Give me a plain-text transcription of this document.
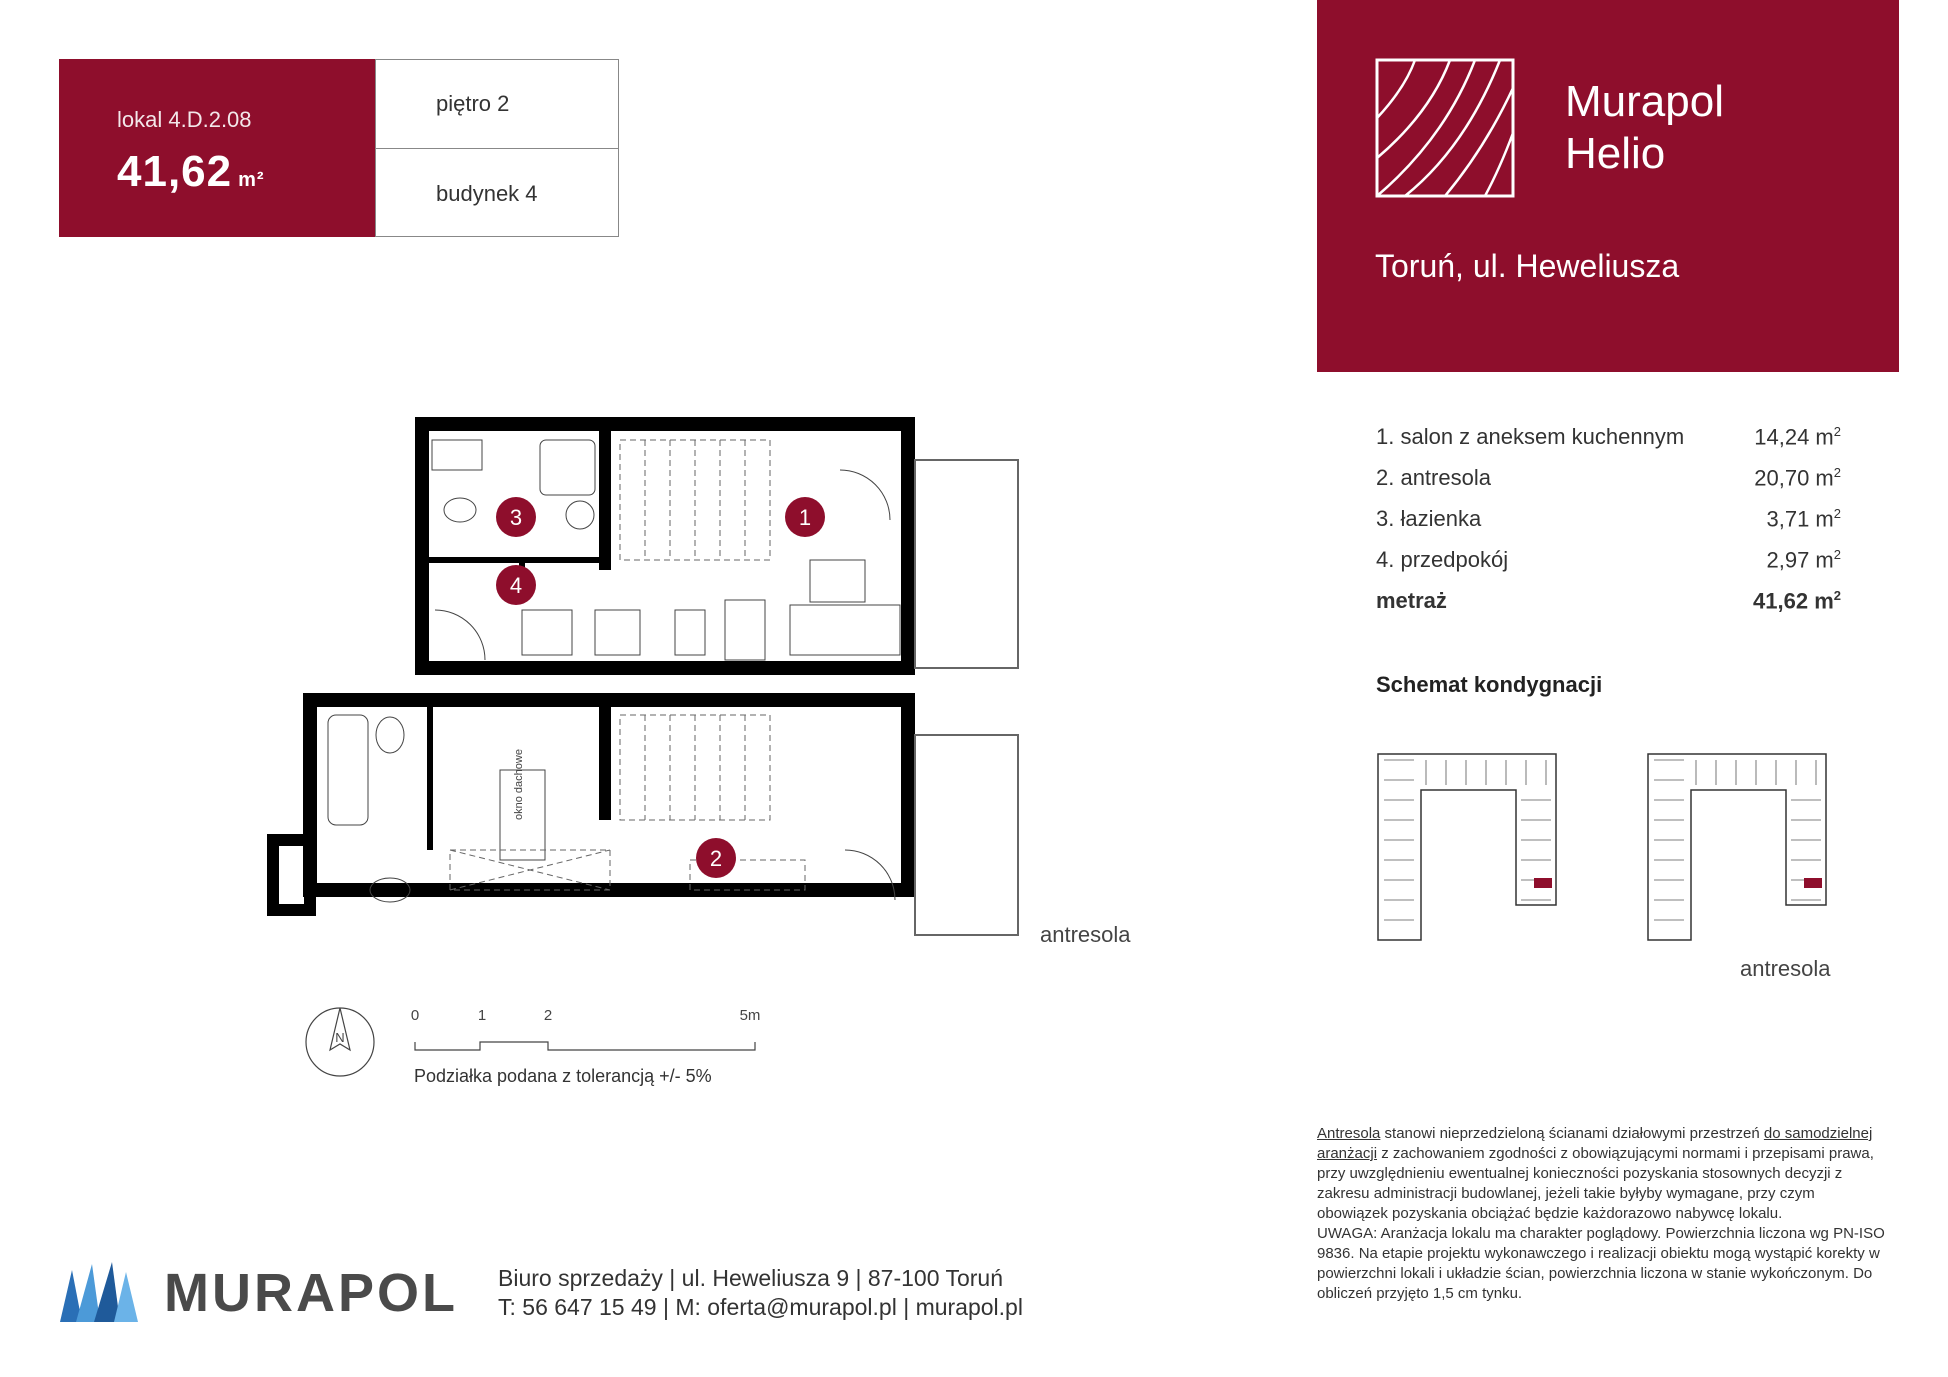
lokal 4.D.2.08
41,62 m²
piętro 2
budynek 4
Murapol
Helio
Toruń, ul. Heweliusza
1
3
4
2
okno dachowe
antresola
N
0	1	2	5m
Podziałka podana z tolerancją +/- 5%
1. salon z aneksem kuchennym	14,24 $m^2$
2. antresola	20,70 $m^2$
3. łazienka	3,71 $m^2$
4. przedpokój	2,97 $m^2$
metraż	41,62 $m^2$
Schemat kondygnacji
antresola
Antresola stanowi nieprzedzieloną ścianami działowymi przestrzeń do samodzielnej aranżacji z zachowaniem zgodności z obowiązującymi normami i przepisami prawa, przy uwzględnieniu ewentualnej konieczności pozyskania stosownych decyzji z zakresu administracji budowlanej, jeżeli takie byłyby wymagane, przy czym obowiązek pozyskania obciążać będzie każdorazowo nabywcę lokalu.
UWAGA: Aranżacja lokalu ma charakter poglądowy. Powierzchnia liczona wg PN-ISO 9836. Na etapie projektu wykonawczego i realizacji obiektu mogą wystąpić korekty w powierzchni lokali i układzie ścian, powierzchnia liczona w stanie wykończonym. Do obliczeń przyjęto 1,5 cm tynku.
MURAPOL Biuro sprzedaży | ul. Heweliusza 9 | 87-100 Toruń
T: 56 647 15 49 | M: oferta@murapol.pl | murapol.pl
